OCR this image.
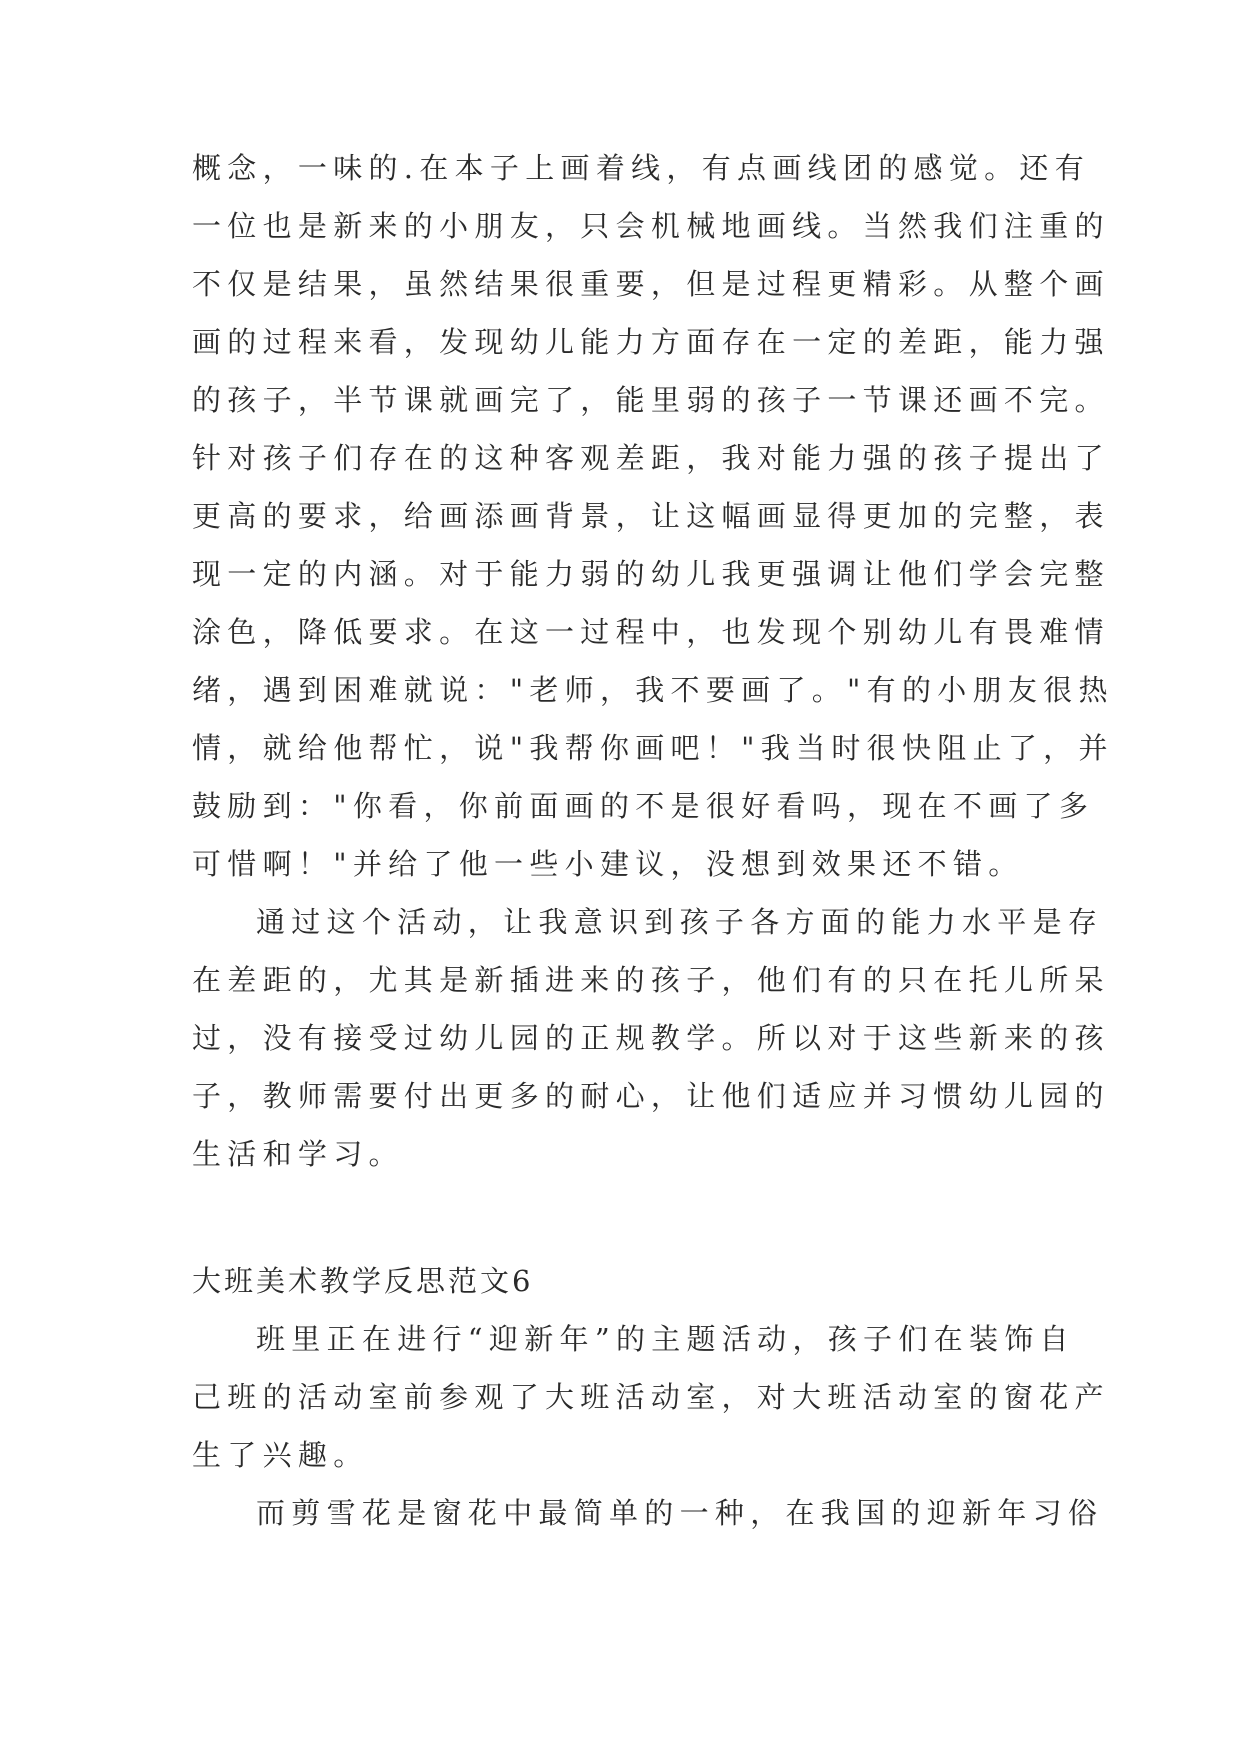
概念，一味的.在本子上画着线，有点画线团的感觉。还有
一位也是新来的小朋友，只会机械地画线。当然我们注重的
不仅是结果，虽然结果很重要，但是过程更精彩。从整个画
画的过程来看，发现幼儿能力方面存在一定的差距，能力强
的孩子，半节课就画完了，能里弱的孩子一节课还画不完。
针对孩子们存在的这种客观差距，我对能力强的孩子提出了
更高的要求，给画添画背景，让这幅画显得更加的完整，表
现一定的内涵。对于能力弱的幼儿我更强调让他们学会完整
涂色，降低要求。在这一过程中，也发现个别幼儿有畏难情
绪，遇到困难就说："老师，我不要画了。"有的小朋友很热
情，就给他帮忙，说"我帮你画吧！"我当时很快阻止了，并
鼓励到："你看，你前面画的不是很好看吗，现在不画了多
可惜啊！"并给了他一些小建议，没想到效果还不错。
通过这个活动，让我意识到孩子各方面的能力水平是存
在差距的，尤其是新插进来的孩子，他们有的只在托儿所呆
过，没有接受过幼儿园的正规教学。所以对于这些新来的孩
子，教师需要付出更多的耐心，让他们适应并习惯幼儿园的
生活和学习。
大班美术教学反思范文6
班里正在进行“迎新年”的主题活动，孩子们在装饰自
己班的活动室前参观了大班活动室，对大班活动室的窗花产
生了兴趣。
而剪雪花是窗花中最简单的一种，在我国的迎新年习俗
